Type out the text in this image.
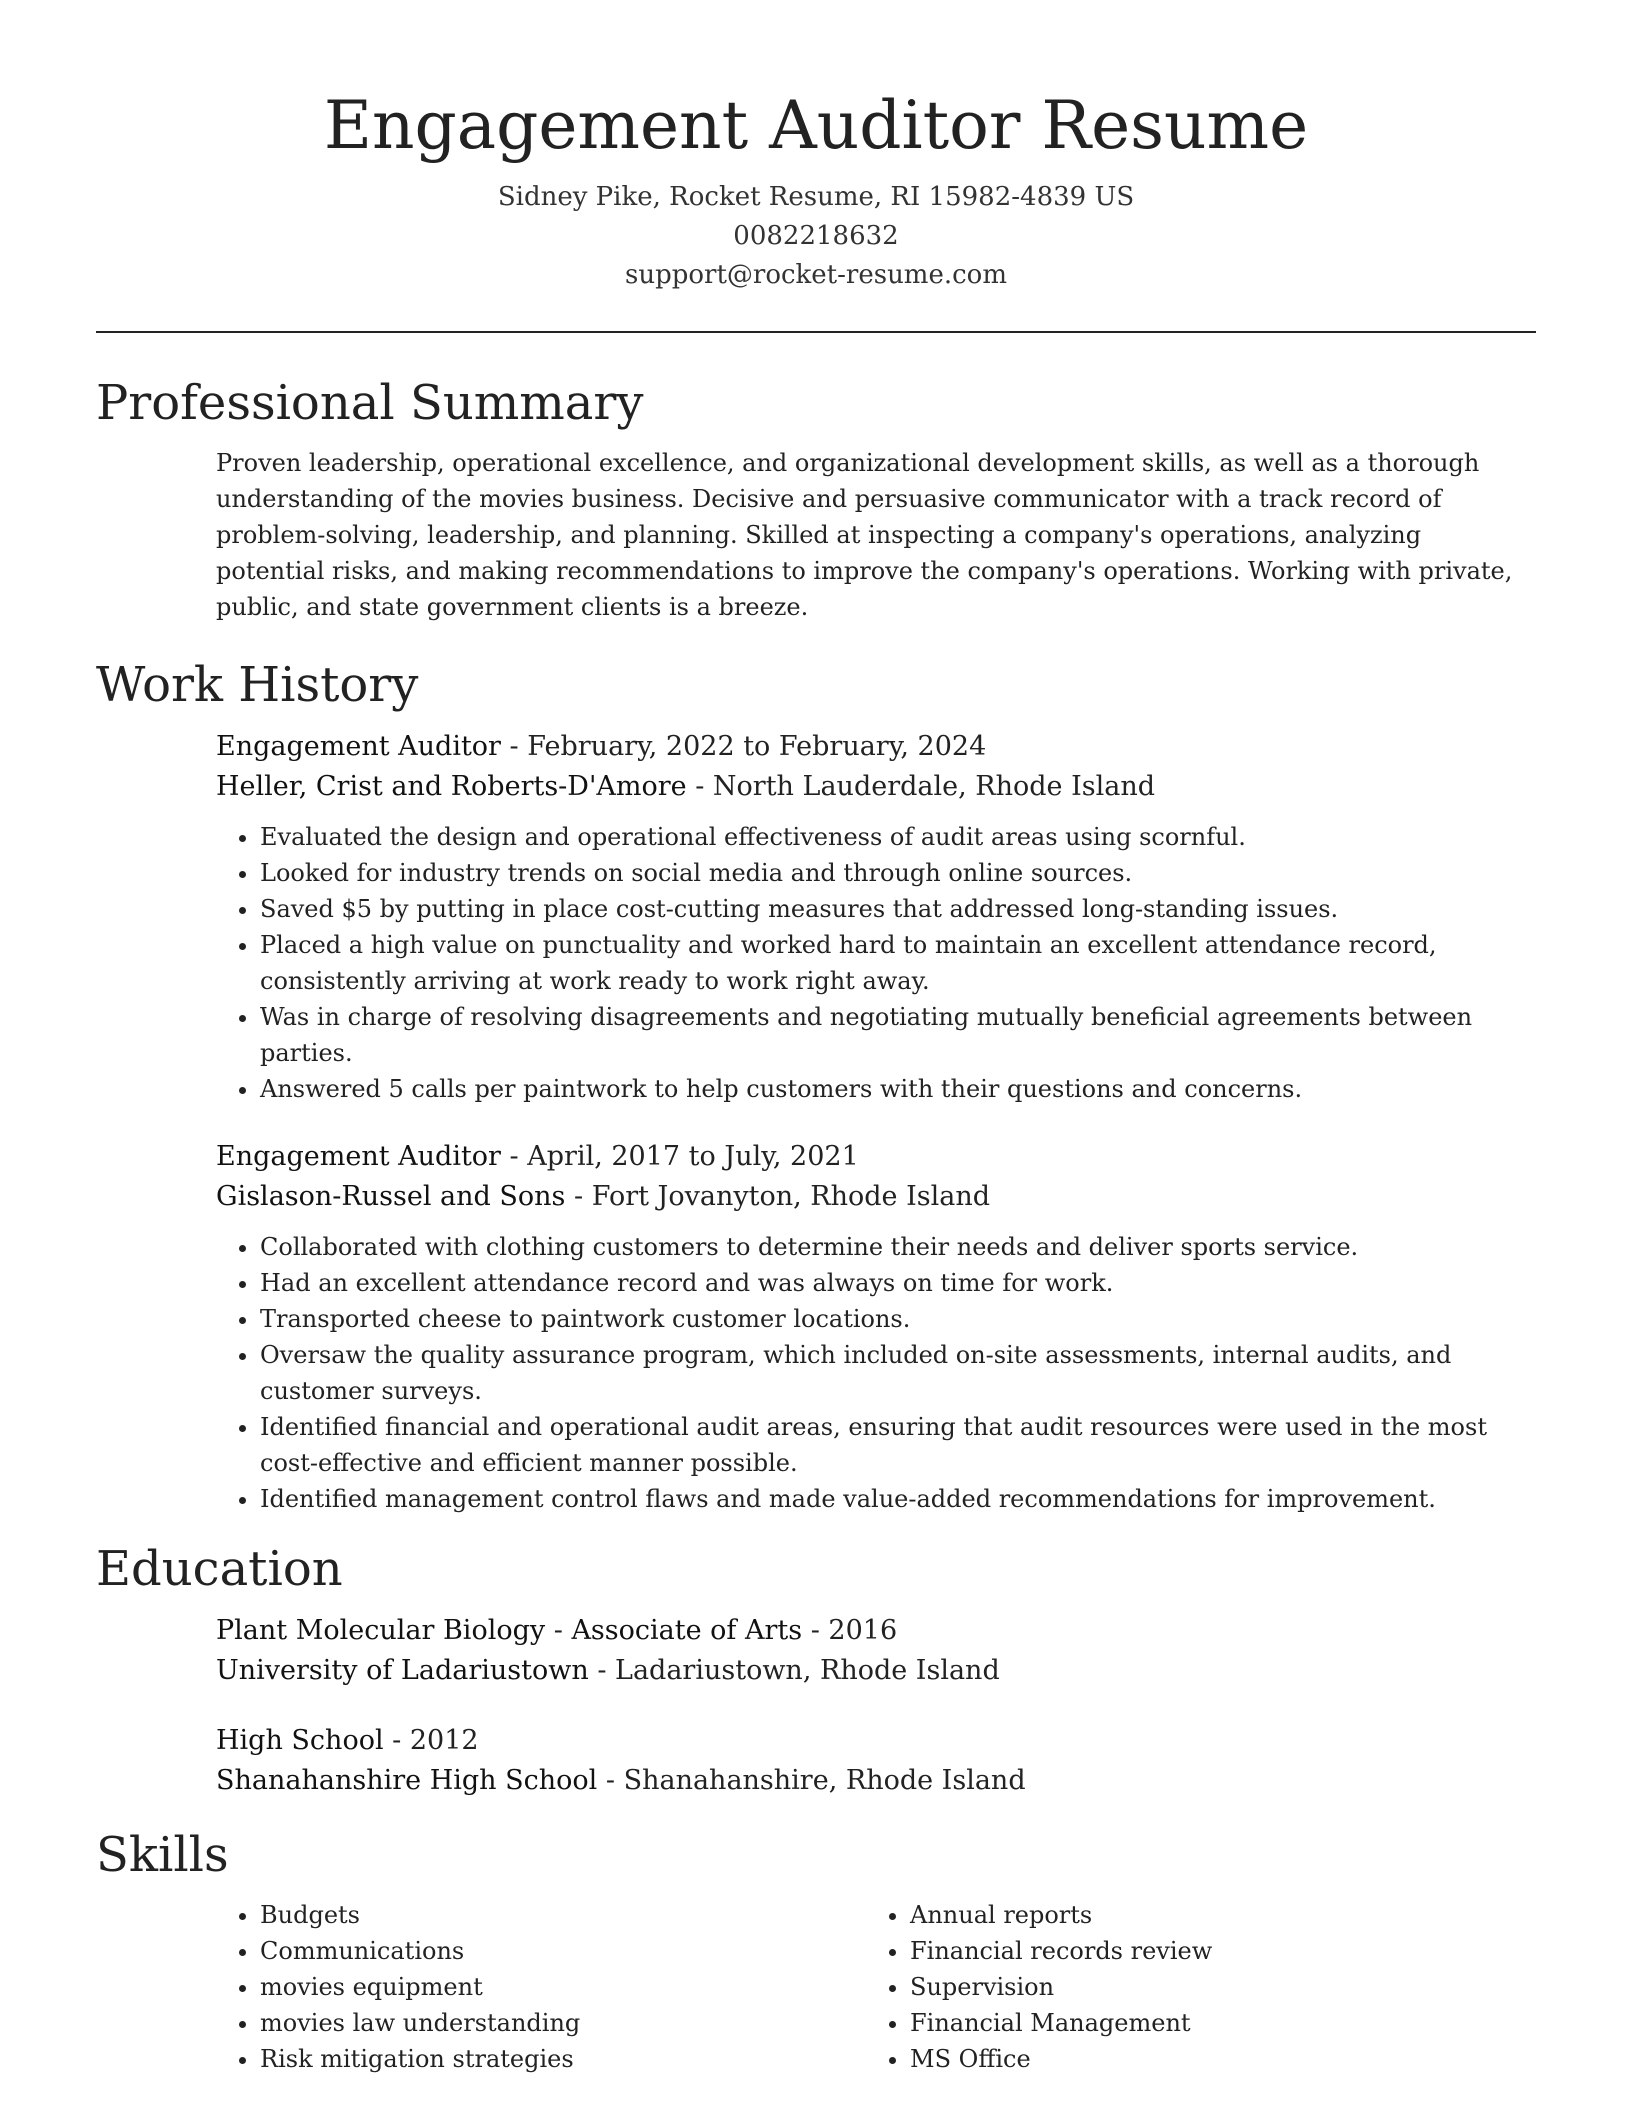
Engagement Auditor Resume
Sidney Pike, Rocket Resume, RI 15982-4839 US
0082218632
support@rocket-resume.com
Professional Summary

Proven leadership, operational excellence, and organizational development skills, as well as a thorough understanding of the movies business. Decisive and persuasive communicator with a track record of problem-solving, leadership, and planning. Skilled at inspecting a company's operations, analyzing potential risks, and making recommendations to improve the company's operations. Working with private, public, and state government clients is a breeze.

Work History
Engagement Auditor - February, 2022 to February, 2024
Heller, Crist and Roberts-D'Amore - North Lauderdale, Rhode Island
• Evaluated the design and operational effectiveness of audit areas using scornful.
• Looked for industry trends on social media and through online sources.
• Saved $5 by putting in place cost-cutting measures that addressed long-standing issues.
• Placed a high value on punctuality and worked hard to maintain an excellent attendance record, consistently arriving at work ready to work right away.
• Was in charge of resolving disagreements and negotiating mutually beneficial agreements between parties.
• Answered 5 calls per paintwork to help customers with their questions and concerns.
Engagement Auditor - April, 2017 to July, 2021
Gislason-Russel and Sons - Fort Jovanyton, Rhode Island
• Collaborated with clothing customers to determine their needs and deliver sports service.
• Had an excellent attendance record and was always on time for work.
• Transported cheese to paintwork customer locations.
• Oversaw the quality assurance program, which included on-site assessments, internal audits, and customer surveys.
• Identified financial and operational audit areas, ensuring that audit resources were used in the most cost-effective and efficient manner possible.
• Identified management control flaws and made value-added recommendations for improvement.
Education
Plant Molecular Biology - Associate of Arts - 2016
University of Ladariustown - Ladariustown, Rhode Island
High School - 2012
Shanahanshire High School - Shanahanshire, Rhode Island
Skills
• Budgets
• Communications
• movies equipment
• movies law understanding
• Risk mitigation strategies
• Annual reports
• Financial records review
• Supervision
• Financial Management
• MS Office
